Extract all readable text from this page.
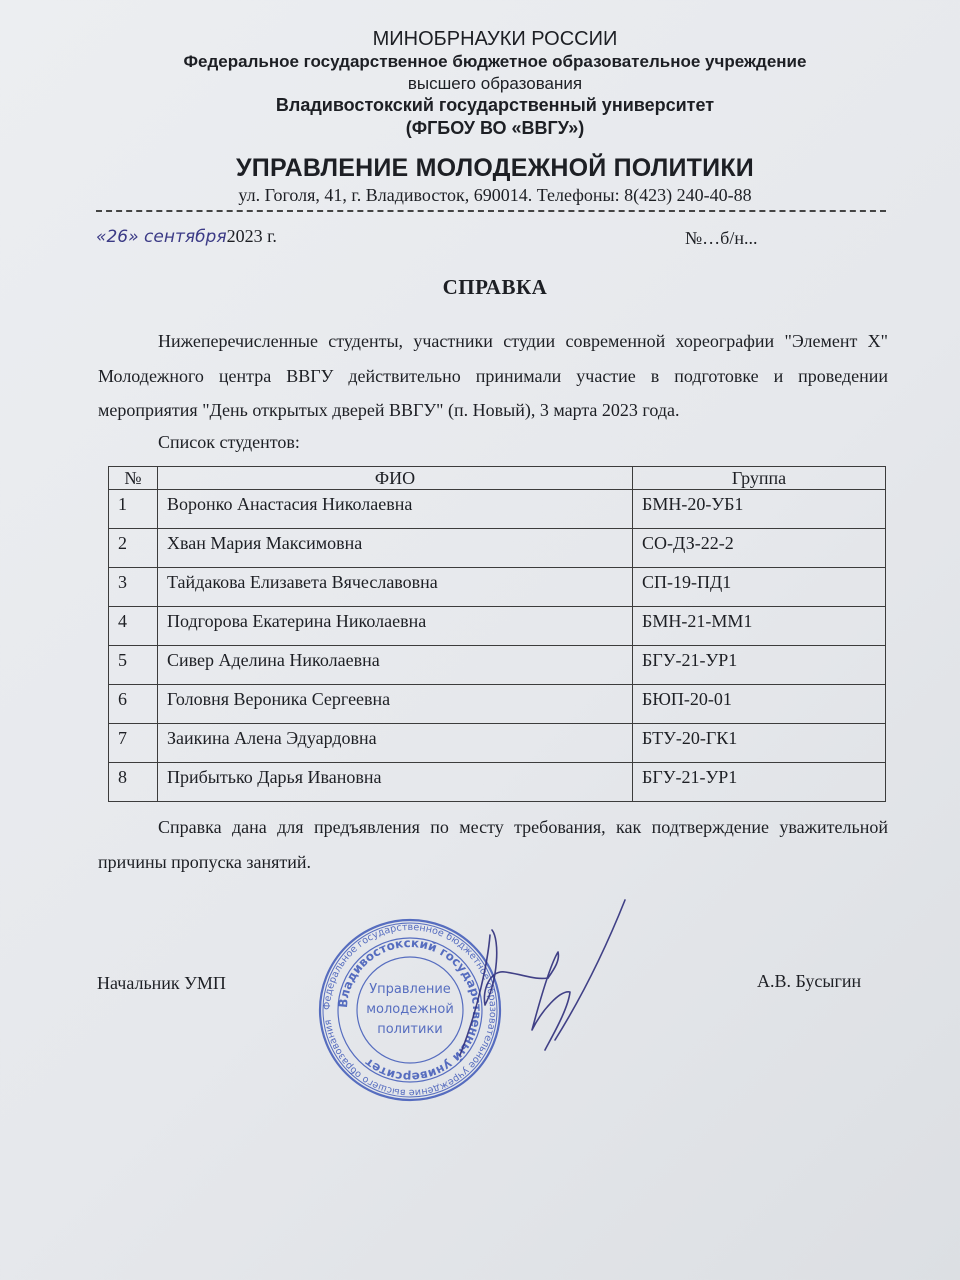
МИНОБРНАУКИ РОССИИ
Федеральное государственное бюджетное образовательное учреждение
высшего образования
Владивостокский государственный университет
(ФГБОУ ВО «ВВГУ»)
УПРАВЛЕНИЕ МОЛОДЕЖНОЙ ПОЛИТИКИ
ул. Гоголя, 41, г. Владивосток, 690014. Телефоны: 8(423) 240-40-88
«26» сентября2023 г.	№…б/н...
СПРАВКА

Нижеперечисленные студенты, участники студии современной хореографии "Элемент Х" Молодежного центра ВВГУ действительно принимали участие в подготовке и проведении мероприятия "День открытых дверей ВВГУ" (п. Новый), 3 марта 2023 года.

Список студентов:
№	ФИО	Группа
1	Воронко Анастасия Николаевна	БМН-20-УБ1
2	Хван Мария Максимовна	СО-ДЗ-22-2
3	Тайдакова Елизавета Вячеславовна	СП-19-ПД1
4	Подгорова Екатерина Николаевна	БМН-21-ММ1
5	Сивер Аделина Николаевна	БГУ-21-УР1
6	Головня Вероника Сергеевна	БЮП-20-01
7	Заикина Алена Эдуардовна	БТУ-20-ГК1
8	Прибытько Дарья Ивановна	БГУ-21-УР1

Справка дана для предъявления по месту требования, как подтверждение уважительной причины пропуска занятий.

Начальник УМП	А.В. Бусыгин
Федеральное государственное бюджетное образовательное учреждение высшего образования
Владивостокский государственный университет
Управление
молодежной
политики
